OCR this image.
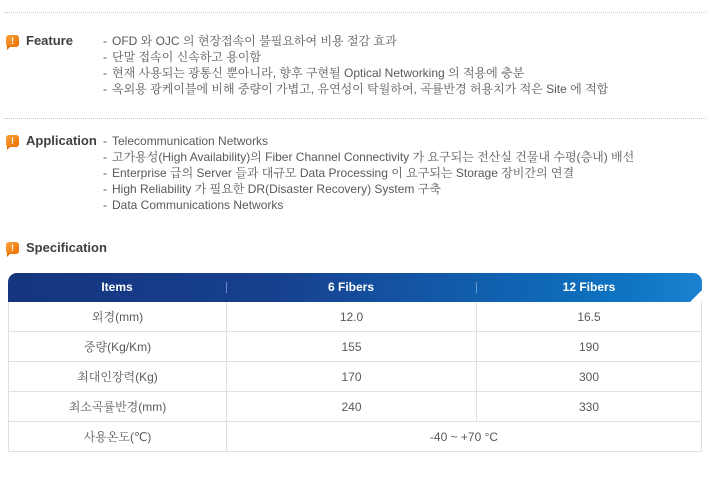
! Feature	- OFD 와 OJC 의 현장접속이 불필요하여 비용 절감 효과
- 단말 접속이 신속하고 용이함
- 현재 사용되는 광통신 뿐아니라, 향후 구현될 Optical Networking 의 적용에 충분
- 옥외용 광케이블에 비해 중량이 가볍고, 유연성이 탁월하여, 곡률반경 허용치가 적은 Site 에 적합
! Application - Telecommunication Networks
- 고가용성(High Availability)의 Fiber Channel Connectivity 가 요구되는 전산실 건물내 수평(층내) 배선
- Enterprise 급의 Server 들과 대규모 Data Processing 이 요구되는 Storage 장비간의 연결
- High Reliability 가 필요한 DR(Disaster Recovery) System 구축
- Data Communications Networks
! Specification
Items	6 Fibers	12 Fibers
외경(mm)	12.0	16.5
중량(Kg/Km)	155	190
최대인장력(Kg)	170	300
최소곡률반경(mm)	240	330
사용온도(℃)	-40 ~ +70 °C	
